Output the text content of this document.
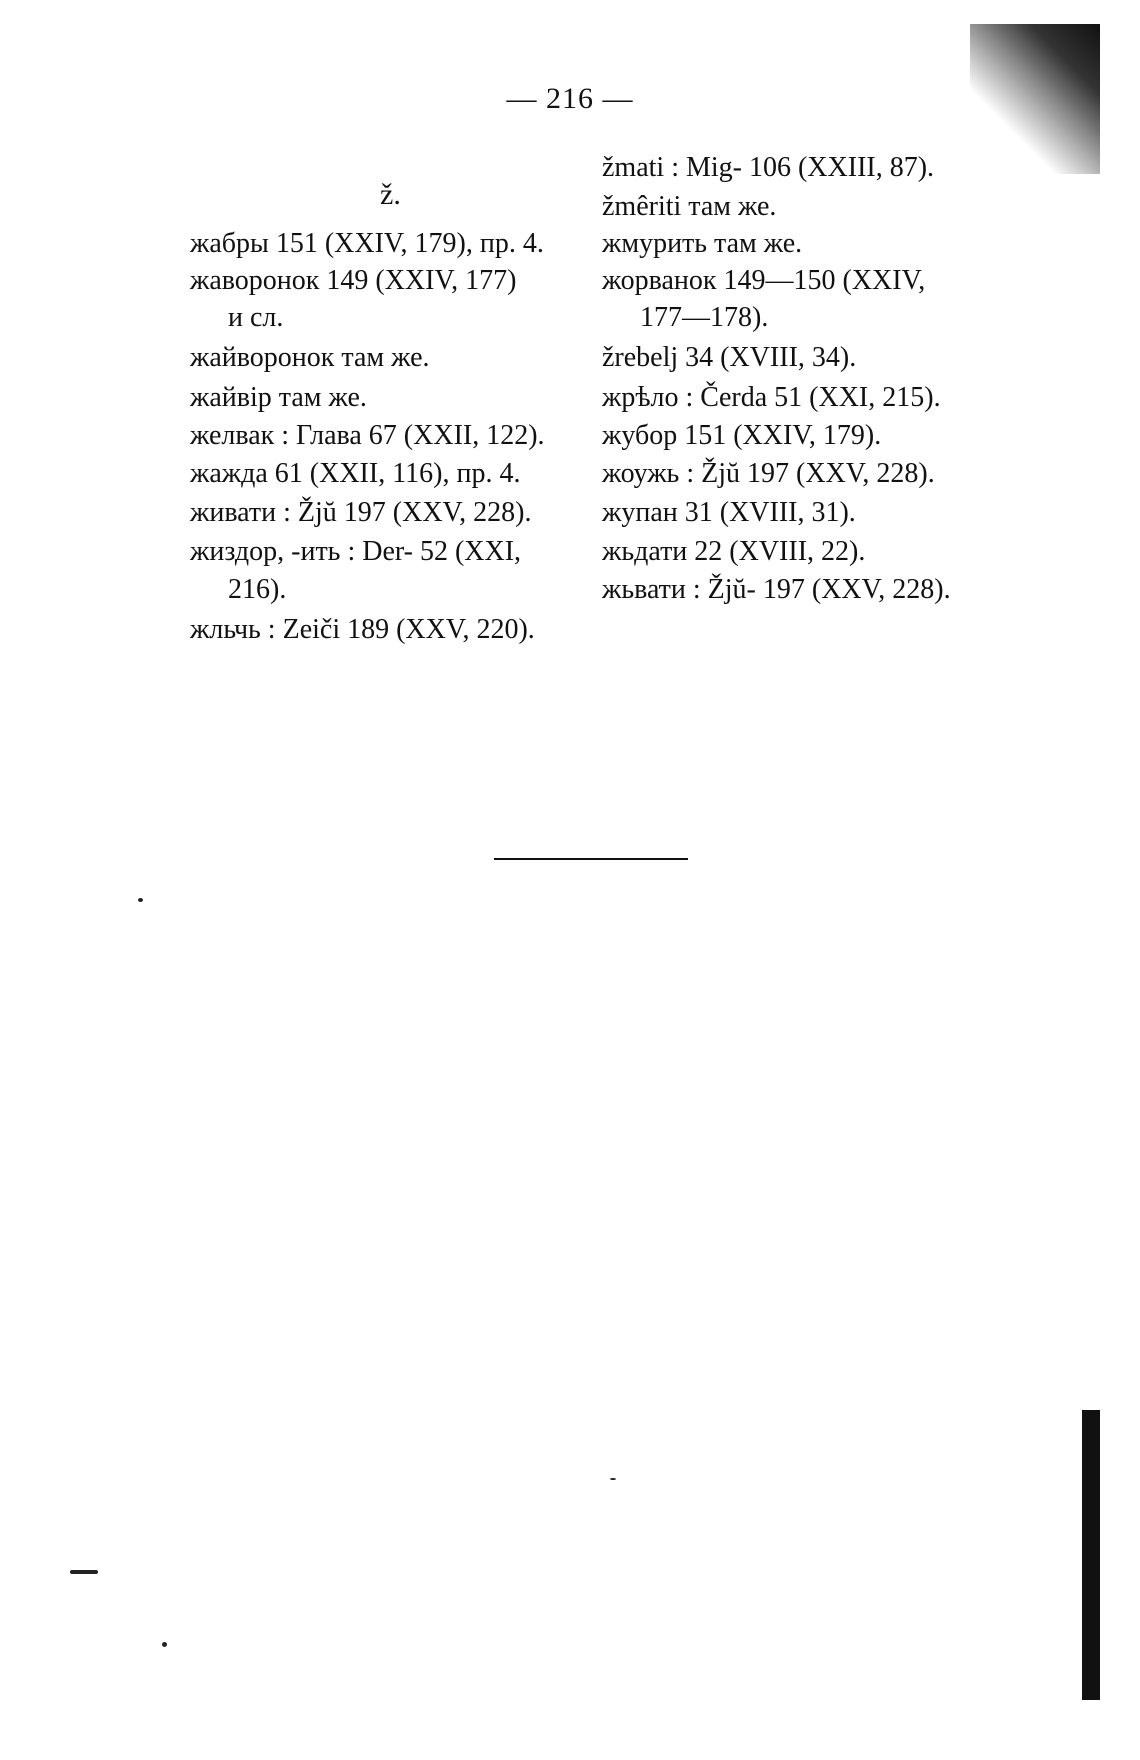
— 216 —
ž.
жабры 151 (XXIV, 179), пр. 4.
жаворонок 149 (XXIV, 177)
и сл.
жайворонок там же.
жайвір там же.
желвак : Глава 67 (XXII, 122).
жажда 61 (XXII, 116), пр. 4.
живати : Žjŭ 197 (XXV, 228).
жиздор, -ить : Der- 52 (XXI,
216).
жльчь : Zeiči 189 (XXV, 220).
žmati : Mig- 106 (XXIII, 87).
žmêriti там же.
жмурить там же.
жорванок 149—150 (XXIV,
177—178).
žrebelj 34 (XVIII, 34).
жрѣло : Čerda 51 (XXI, 215).
жубор 151 (XXIV, 179).
жоужь : Žjŭ 197 (XXV, 228).
жупан 31 (XVIII, 31).
жьдати 22 (XVIII, 22).
жьвати : Žjŭ- 197 (XXV, 228).
